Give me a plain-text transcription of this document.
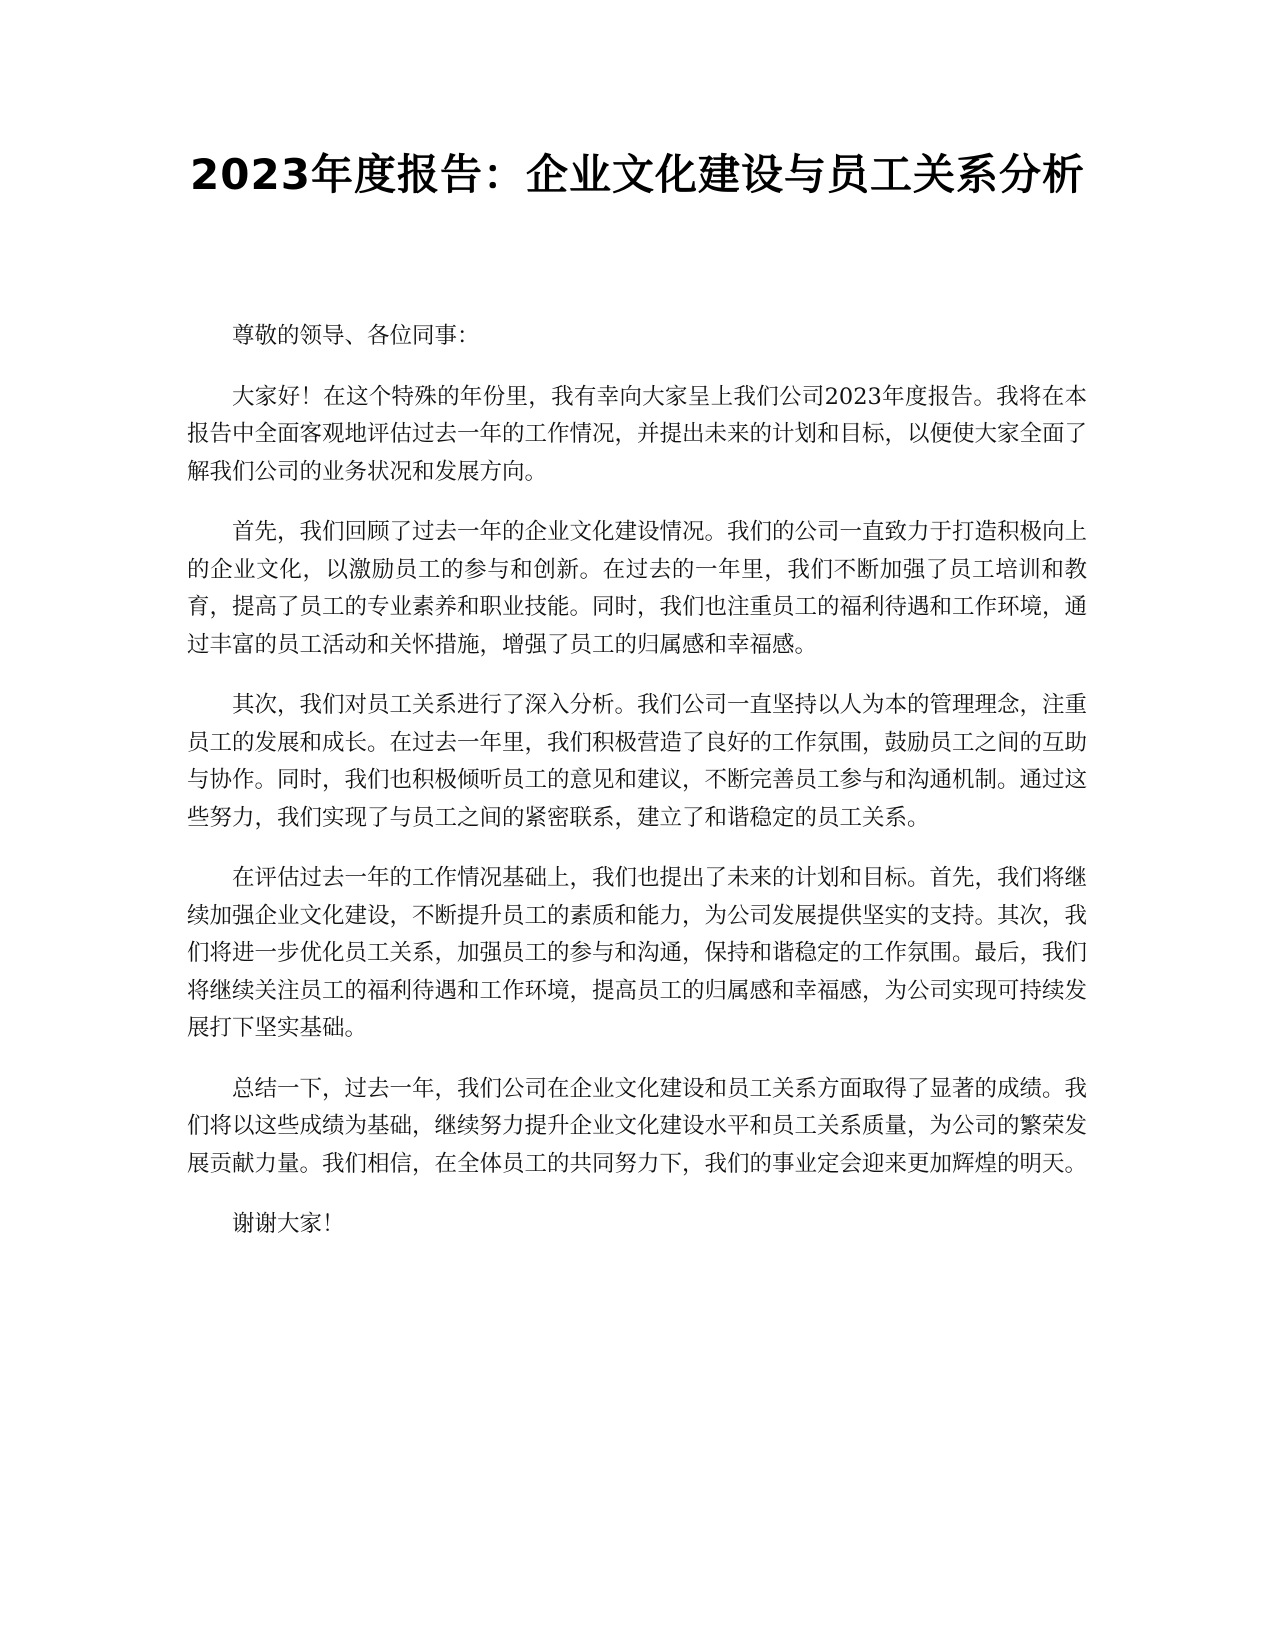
2023年度报告：企业文化建设与员工关系分析

尊敬的领导、各位同事：

大家好！在这个特殊的年份里，我有幸向大家呈上我们公司2023年度报告。我将在本报告中全面客观地评估过去一年的工作情况，并提出未来的计划和目标，以便使大家全面了解我们公司的业务状况和发展方向。

首先，我们回顾了过去一年的企业文化建设情况。我们的公司一直致力于打造积极向上的企业文化，以激励员工的参与和创新。在过去的一年里，我们不断加强了员工培训和教育，提高了员工的专业素养和职业技能。同时，我们也注重员工的福利待遇和工作环境，通过丰富的员工活动和关怀措施，增强了员工的归属感和幸福感。

其次，我们对员工关系进行了深入分析。我们公司一直坚持以人为本的管理理念，注重员工的发展和成长。在过去一年里，我们积极营造了良好的工作氛围，鼓励员工之间的互助与协作。同时，我们也积极倾听员工的意见和建议，不断完善员工参与和沟通机制。通过这些努力，我们实现了与员工之间的紧密联系，建立了和谐稳定的员工关系。

在评估过去一年的工作情况基础上，我们也提出了未来的计划和目标。首先，我们将继续加强企业文化建设，不断提升员工的素质和能力，为公司发展提供坚实的支持。其次，我们将进一步优化员工关系，加强员工的参与和沟通，保持和谐稳定的工作氛围。最后，我们将继续关注员工的福利待遇和工作环境，提高员工的归属感和幸福感，为公司实现可持续发展打下坚实基础。

总结一下，过去一年，我们公司在企业文化建设和员工关系方面取得了显著的成绩。我们将以这些成绩为基础，继续努力提升企业文化建设水平和员工关系质量，为公司的繁荣发展贡献力量。我们相信，在全体员工的共同努力下，我们的事业定会迎来更加辉煌的明天。

谢谢大家！
